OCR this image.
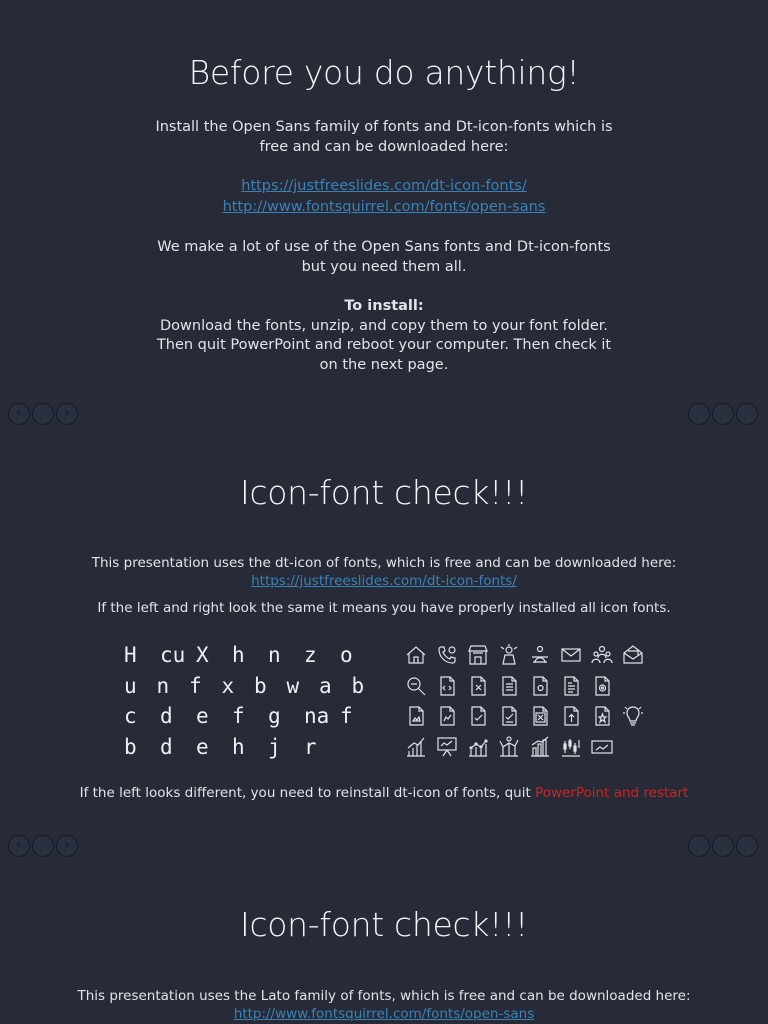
Before you do anything!
Install the Open Sans family of fonts and Dt-icon-fonts which is
free and can be downloaded here:
https://justfreeslides.com/dt-icon-fonts/
http://www.fontsquirrel.com/fonts/open-sans
We make a lot of use of the Open Sans fonts and Dt-icon-fonts
but you need them all.
To install:
Download the fonts, unzip, and copy them to your font folder.
Then quit PowerPoint and reboot your computer. Then check it
on the next page.
‹	›
Icon-font check!!!
This presentation uses the dt-icon of fonts, which is free and can be downloaded here:
https://justfreeslides.com/dt-icon-fonts/
If the left and right look the same it means you have properly installed all icon fonts.
If the left looks different, you need to reinstall dt-icon of fonts, quit PowerPoint and restart
H	cu X	h	n	z	o
u n f x b w a b
c	d	e	f	g	na f
b	d	e	h	j	r
‹	›
Icon-font check!!!
This presentation uses the Lato family of fonts, which is free and can be downloaded here:
http://www.fontsquirrel.com/fonts/open-sans
